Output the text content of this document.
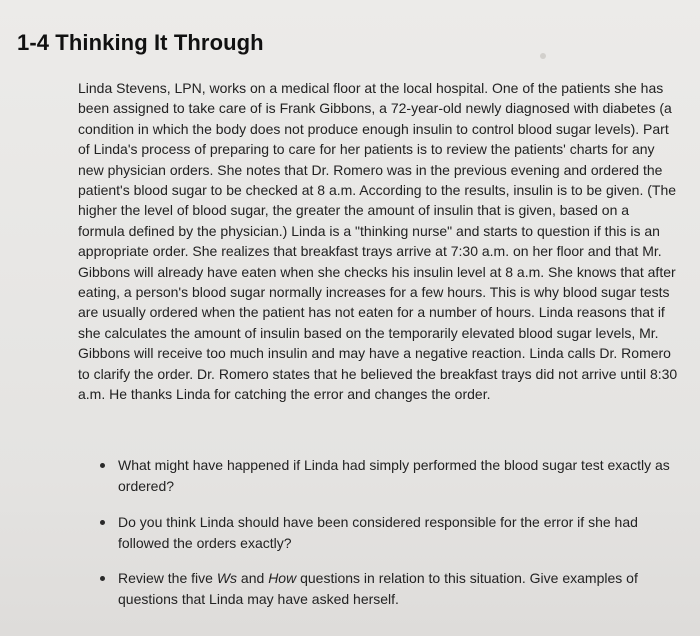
1-4 Thinking It Through

Linda Stevens, LPN, works on a medical floor at the local hospital. One of the patients she has been assigned to take care of is Frank Gibbons, a 72-year-old newly diagnosed with diabetes (a condition in which the body does not produce enough insulin to control blood sugar levels). Part of Linda's process of preparing to care for her patients is to review the patients' charts for any new physician orders. She notes that Dr. Romero was in the previous evening and ordered the patient's blood sugar to be checked at 8 a.m. According to the results, insulin is to be given. (The higher the level of blood sugar, the greater the amount of insulin that is given, based on a formula defined by the physician.) Linda is a "thinking nurse" and starts to question if this is an appropriate order. She realizes that breakfast trays arrive at 7:30 a.m. on her floor and that Mr. Gibbons will already have eaten when she checks his insulin level at 8 a.m. She knows that after eating, a person's blood sugar normally increases for a few hours. This is why blood sugar tests are usually ordered when the patient has not eaten for a number of hours. Linda reasons that if she calculates the amount of insulin based on the temporarily elevated blood sugar levels, Mr. Gibbons will receive too much insulin and may have a negative reaction. Linda calls Dr. Romero to clarify the order. Dr. Romero states that he believed the breakfast trays did not arrive until 8:30 a.m. He thanks Linda for catching the error and changes the order.

What might have happened if Linda had simply performed the blood sugar test exactly as ordered?
Do you think Linda should have been considered responsible for the error if she had followed the orders exactly?
Review the five Ws and How questions in relation to this situation. Give examples of questions that Linda may have asked herself.
